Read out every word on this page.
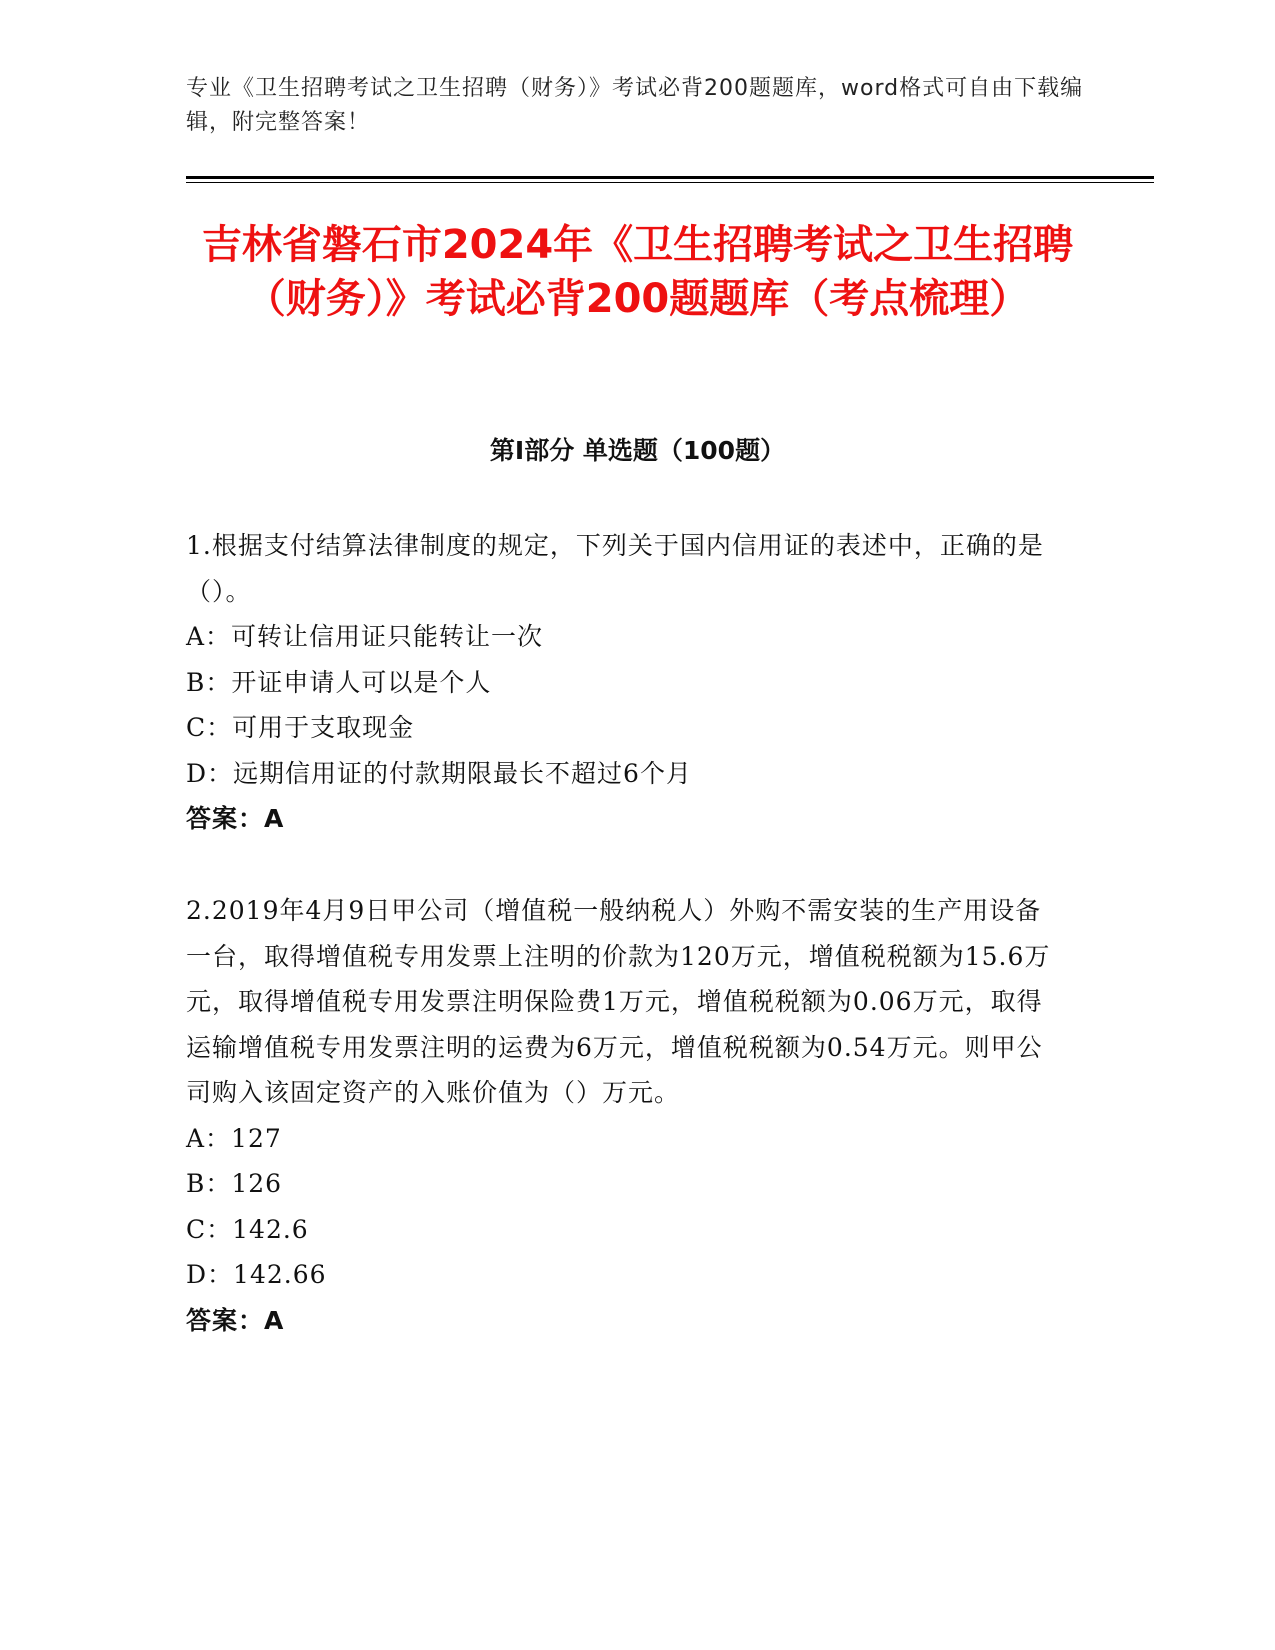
专业《卫生招聘考试之卫生招聘（财务）》考试必背200题题库，word格式可自由下载编辑，附完整答案！
吉林省磐石市2024年《卫生招聘考试之卫生招聘（财务）》考试必背200题题库（考点梳理）
第I部分 单选题（100题）

1.根据支付结算法律制度的规定，下列关于国内信用证的表述中，正确的是（）。

A：可转让信用证只能转让一次

B：开证申请人可以是个人

C：可用于支取现金

D：远期信用证的付款期限最长不超过6个月

答案：A

2.2019年4月9日甲公司（增值税一般纳税人）外购不需安装的生产用设备一台，取得增值税专用发票上注明的价款为120万元，增值税税额为15.6万元，取得增值税专用发票注明保险费1万元，增值税税额为0.06万元，取得运输增值税专用发票注明的运费为6万元，增值税税额为0.54万元。则甲公司购入该固定资产的入账价值为（）万元。

A：127

B：126

C：142.6

D：142.66

答案：A
